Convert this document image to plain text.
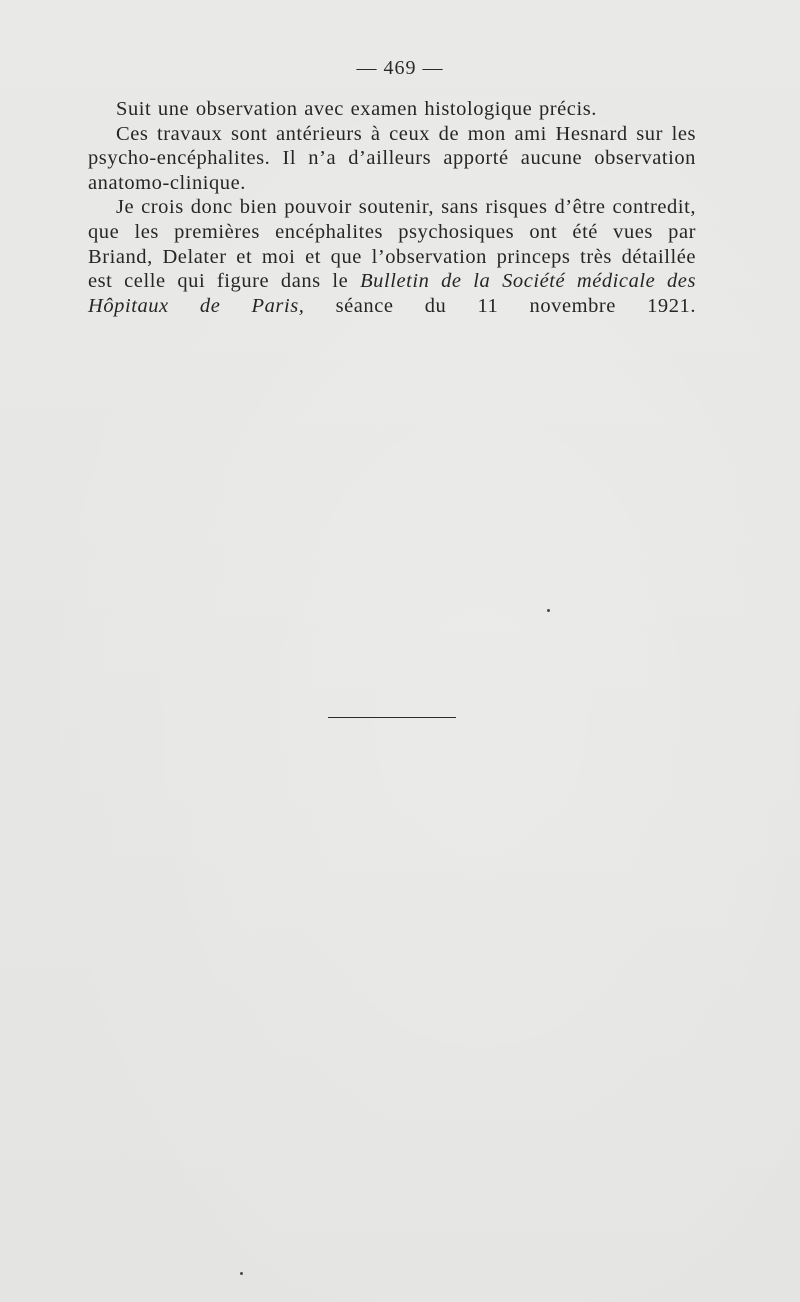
— 469 —

Suit une observation avec examen histologique précis.

Ces travaux sont antérieurs à ceux de mon ami Hesnard sur les psycho-encéphalites. Il n’a d’ailleurs apporté aucune observation anatomo-clinique.

Je crois donc bien pouvoir soutenir, sans risques d’être contredit, que les premières encéphalites psychosiques ont été vues par Briand, Delater et moi et que l’observation princeps très détaillée est celle qui figure dans le Bulletin de la Société médicale des Hôpitaux de Paris, séance du 11 novembre 1921.
